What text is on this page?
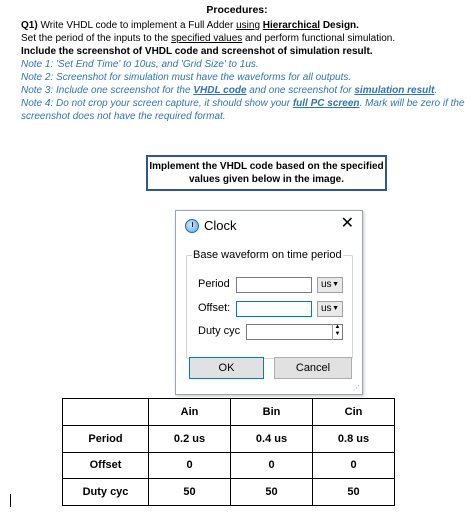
Procedures:
Q1) Write VHDL code to implement a Full Adder using Hierarchical Design.
Set the period of the inputs to the specified values and perform functional simulation.
Include the screenshot of VHDL code and screenshot of simulation result.
Note 1: 'Set End Time' to 10us, and 'Grid Size' to 1us.
Note 2: Screenshot for simulation must have the waveforms for all outputs.
Note 3: Include one screenshot for the VHDL code and one screenshot for simulation result.
Note 4: Do not crop your screen capture, it should show your full PC screen. Mark will be zero if the
screenshot does not have the required format.
Implement the VHDL code based on the specified
values given below in the image.
Clock	✕
Base waveform on time period
Period	us ▼
Offset:	us ▼
Duty cyc	▲
▼
OK	Cancel
⋰
	Ain	Bin	Cin
Period	0.2 us	0.4 us	0.8 us
Offset	0	0	0
Duty cyc	50	50	50
